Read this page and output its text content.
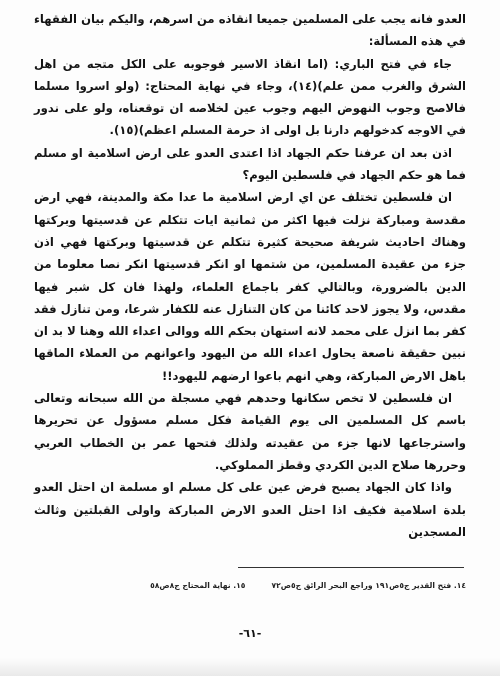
العدو فانه يجب على المسلمين جميعا انقاذه من اسرهم، واليكم بيان الفقهاء في هذه المسألة:

جاء في فتح الباري: (اما انقاذ الاسير فوجوبه على الكل متجه من اهل الشرق والغرب ممن علم)(١٤)، وجاء في نهاية المحتاج: (ولو اسروا مسلما فالاصح وجوب النهوض اليهم وجوب عين لخلاصه ان توقعناه، ولو على ندور في الاوجه كدخولهم دارنا بل اولى اذ حرمة المسلم اعظم)(١٥).

اذن بعد ان عرفنا حكم الجهاد اذا اعتدى العدو على ارض اسلامية او مسلم فما هو حكم الجهاد في فلسطين اليوم؟

ان فلسطين تختلف عن اي ارض اسلامية ما عدا مكة والمدينة، فهي ارض مقدسة ومباركة نزلت فيها اكثر من ثمانية ايات تتكلم عن قدسيتها وبركتها وهناك احاديث شريفة صحيحة كثيرة تتكلم عن قدسيتها وبركتها فهي اذن جزء من عقيدة المسلمين، من شتمها او انكر قدسيتها انكر نصا معلوما من الدين بالضرورة، وبالتالي كفر باجماع العلماء، ولهذا فان كل شبر فيها مقدس، ولا يجوز لاحد كائنا من كان التنازل عنه للكفار شرعا، ومن تنازل فقد كفر بما انزل على محمد لانه استهان بحكم الله ووالى اعداء الله وهنا لا بد ان نبين حقيقة ناصعة يحاول اعداء الله من اليهود واعوانهم من العملاء الماقها باهل الارض المباركة، وهي انهم باعوا ارضهم لليهود!!

ان فلسطين لا تخص سكانها وحدهم فهي مسجلة من الله سبحانه وتعالى باسم كل المسلمين الى يوم القيامة فكل مسلم مسؤول عن تحريرها واسترجاعها لانها جزء من عقيدته ولذلك فتحها عمر بن الخطاب العربي وحررها صلاح الدين الكردي وقطز المملوكي.

واذا كان الجهاد يصبح فرض عين على كل مسلم او مسلمة ان احتل العدو بلدة اسلامية فكيف اذا احتل العدو الارض المباركة واولى القبلتين وثالث المسجدين

١٤. فتح القدير ج٥ص١٩١ وراجع البحر الرائق ج٥ص٧٢١٥. نهاية المحتاج ج٨ص٥٨
-٦١-
